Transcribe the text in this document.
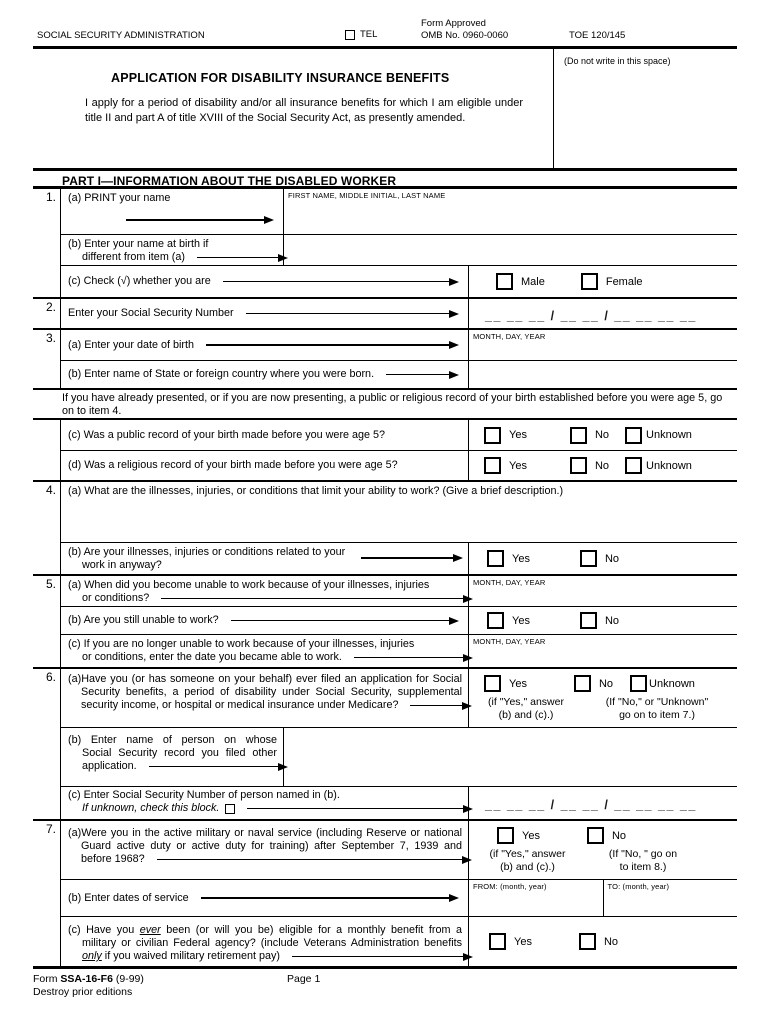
SOCIAL SECURITY ADMINISTRATION	TEL
Form Approved
OMB No. 0960-0060	TOE 120/145
APPLICATION FOR DISABILITY INSURANCE BENEFITS
I apply for a period of disability and/or all insurance benefits for which I am eligible under title II and part A of title XVIII of the Social Security Act, as presently amended.
(Do not write in this space)
PART I—INFORMATION ABOUT THE DISABLED WORKER
1.	(a) PRINT your name	FIRST NAME, MIDDLE INITIAL, LAST NAME
(b) Enter your name at birth if
different from item (a)
(c) Check (√) whether you are	Male	Female
2.	Enter your Social Security Number	__ __ __ / __ __ / __ __ __ __
3.	(a) Enter your date of birth
MONTH, DAY, YEAR
(b) Enter name of State or foreign country where you were born.
If you have already presented, or if you are now presenting, a public or religious record of your birth established before you were age 5, go on to item 4.
(c) Was a public record of your birth made before you were age 5?	Yes	No	Unknown
(d) Was a religious record of your birth made before you were age 5?	Yes	No	Unknown
4.	(a) What are the illnesses, injuries, or conditions that limit your ability to work? (Give a brief description.)
(b) Are your illnesses, injuries or conditions related to your
work in anyway?
Yes	No
5.	(a) When did you become unable to work because of your illnesses, injuries
or conditions?
MONTH, DAY, YEAR
(b) Are you still unable to work?	Yes	No
(c) If you are no longer unable to work because of your illnesses, injuries
or conditions, enter the date you became able to work.
MONTH, DAY, YEAR
6.	(a)Have you (or has someone on your behalf) ever filed an application for Social
Security benefits, a period of disability under Social Security, supplemental
security income, or hospital or medical insurance under Medicare?
Yes	No	Unknown
(if "Yes," answer
(b) and (c).)
(If "No," or "Unknown"
go on to item 7.)
(b) Enter name of person on whose
Social Security record you filed other
application.
(c) Enter Social Security Number of person named in (b).
If unknown, check this block.	__ __ __ / __ __ / __ __ __ __
7.	(a)Were you in the active military or naval service (including Reserve or national
Guard active duty or active duty for training) after September 7, 1939 and
before 1968?
Yes	No
(if "Yes," answer
(b) and (c).)
(If "No, " go on
to item 8.)
(b) Enter dates of service
FROM: (month, year)	TO: (month, year)
(c) Have you ever been (or will you be) eligible for a monthly benefit from a
military or civilian Federal agency? (include Veterans Administration benefits
only if you waived military retirement pay)
Yes	No
Form SSA-16-F6 (9-99)	Page 1
Destroy prior editions
